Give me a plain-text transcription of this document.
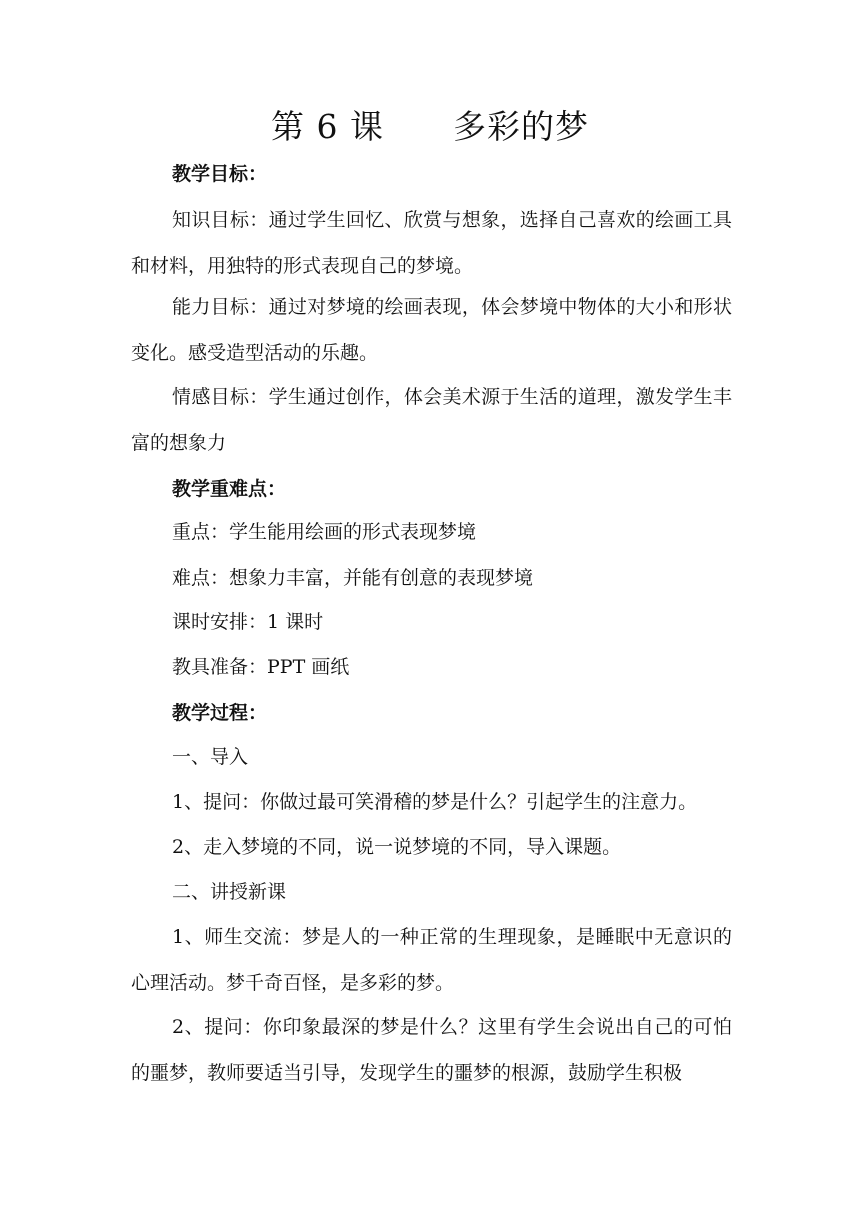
第 6 课      多彩的梦
教学目标：
知识目标：通过学生回忆、欣赏与想象，选择自己喜欢的绘画工具和材料，用独特的形式表现自己的梦境。
能力目标：通过对梦境的绘画表现，体会梦境中物体的大小和形状变化。感受造型活动的乐趣。
情感目标：学生通过创作，体会美术源于生活的道理，激发学生丰富的想象力
教学重难点：
重点：学生能用绘画的形式表现梦境
难点：想象力丰富，并能有创意的表现梦境
课时安排：1 课时
教具准备：PPT 画纸
教学过程：
一、导入
1、提问：你做过最可笑滑稽的梦是什么？引起学生的注意力。
2、走入梦境的不同，说一说梦境的不同，导入课题。
二、讲授新课
1、师生交流：梦是人的一种正常的生理现象，是睡眠中无意识的心理活动。梦千奇百怪，是多彩的梦。
2、提问：你印象最深的梦是什么？这里有学生会说出自己的可怕的噩梦，教师要适当引导，发现学生的噩梦的根源，鼓励学生积极
